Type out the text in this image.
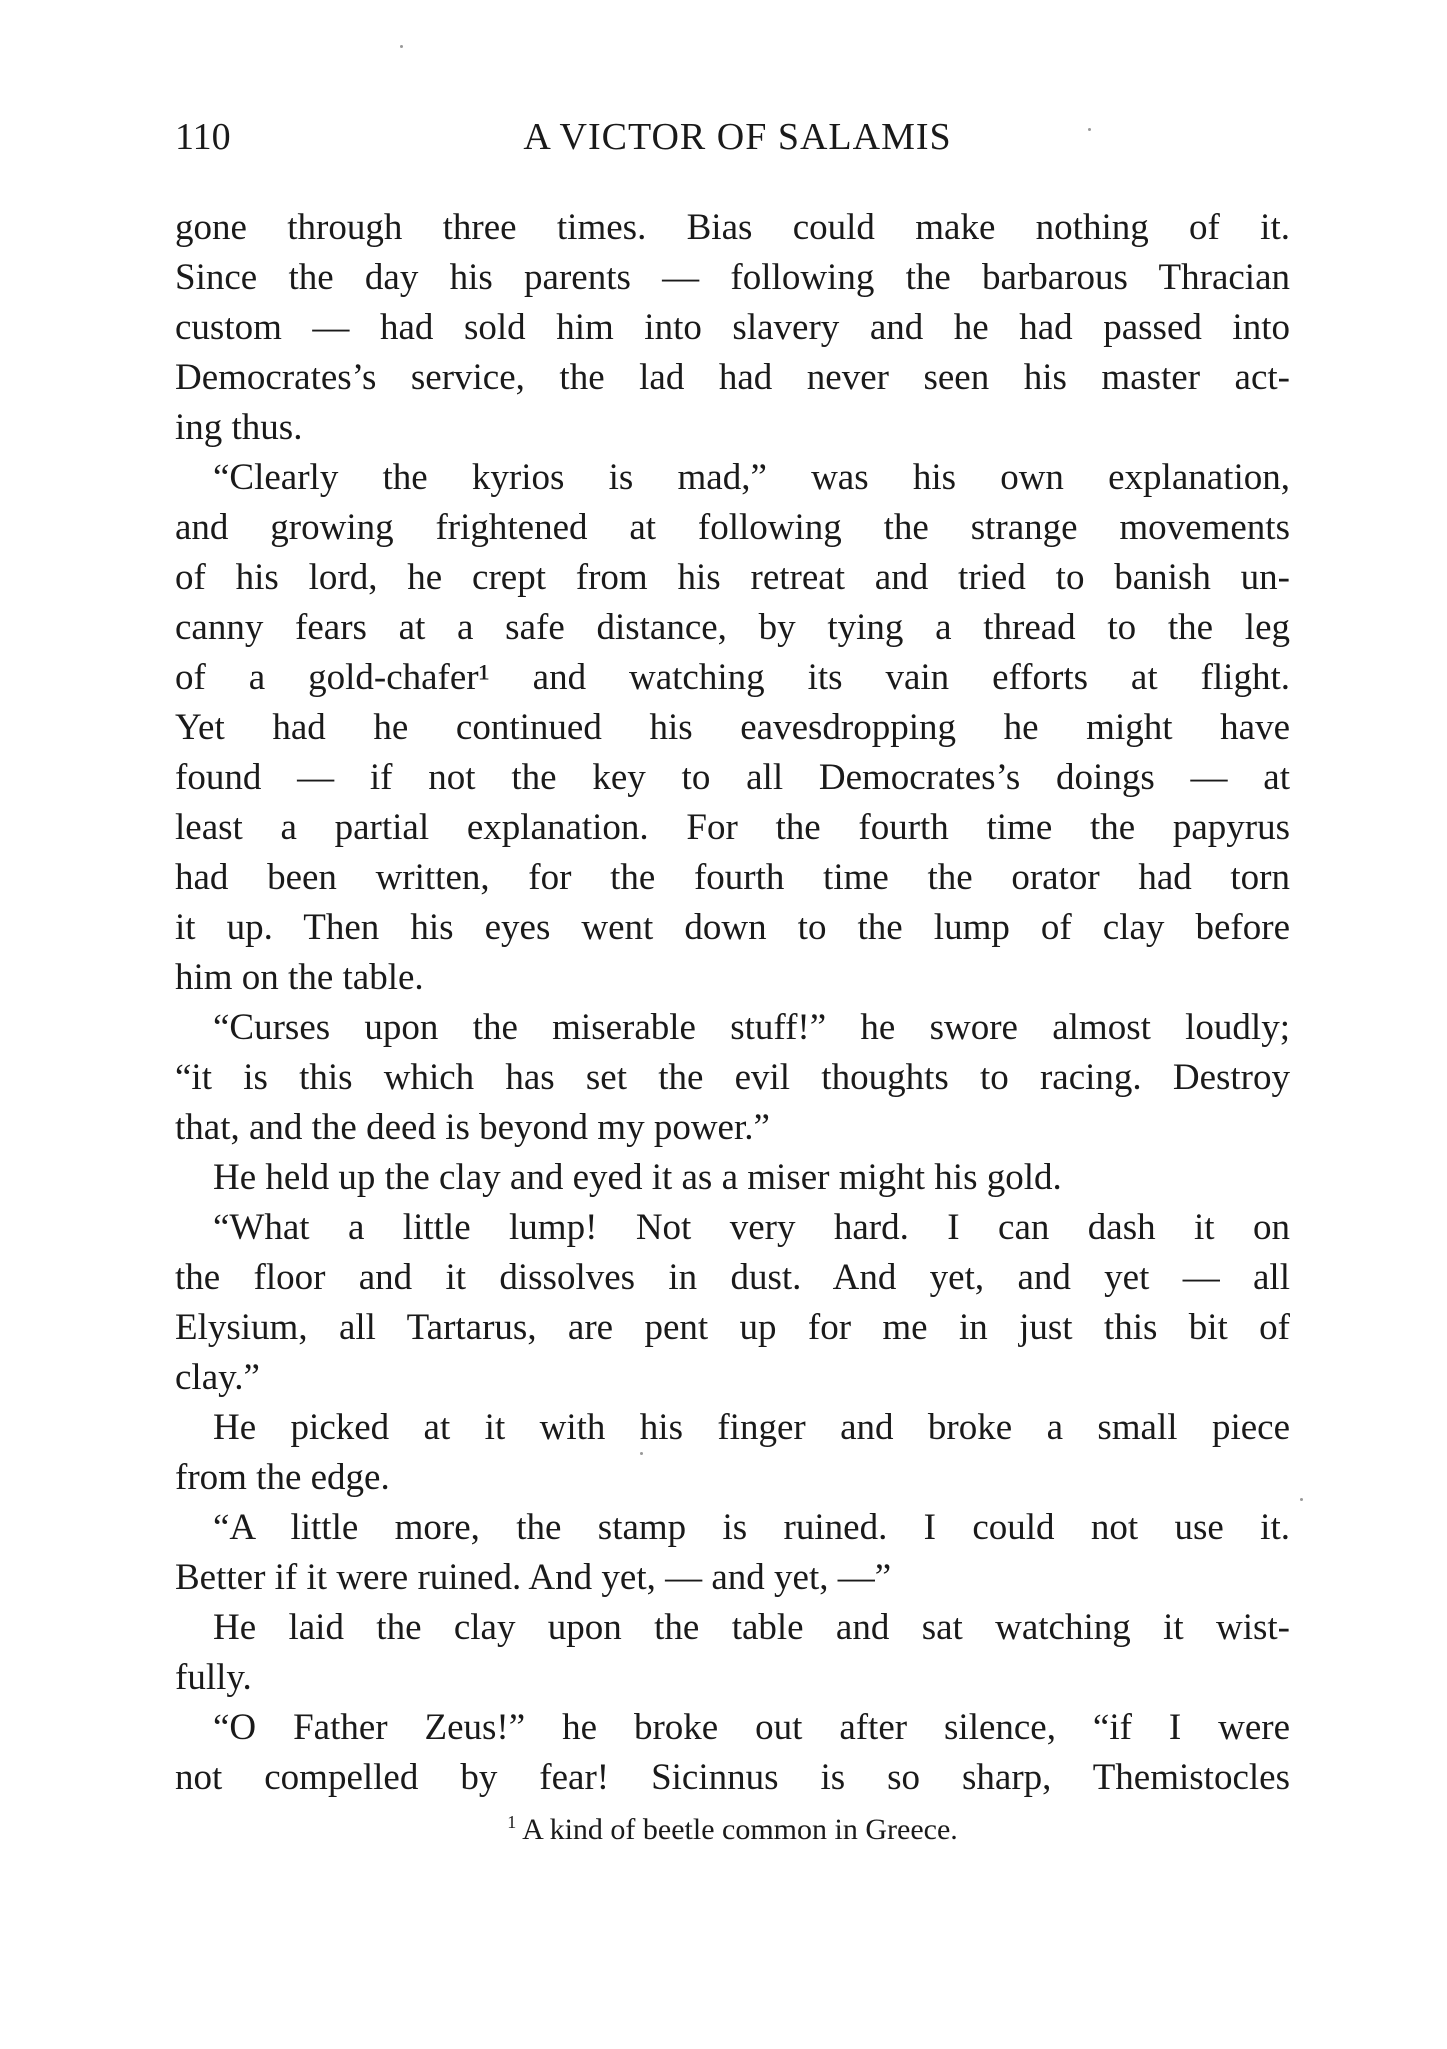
110	A VICTOR OF SALAMIS
gone through three times. Bias could make nothing of it.
Since the day his parents — following the barbarous Thracian
custom — had sold him into slavery and he had passed into
Democrates’s service, the lad had never seen his master act-
ing thus.
“Clearly the kyrios is mad,” was his own explanation,
and growing frightened at following the strange movements
of his lord, he crept from his retreat and tried to banish un-
canny fears at a safe distance, by tying a thread to the leg
of a gold-chafer¹ and watching its vain efforts at flight.
Yet had he continued his eavesdropping he might have
found — if not the key to all Democrates’s doings — at
least a partial explanation. For the fourth time the papyrus
had been written, for the fourth time the orator had torn
it up. Then his eyes went down to the lump of clay before
him on the table.
“Curses upon the miserable stuff!” he swore almost loudly;
“it is this which has set the evil thoughts to racing. Destroy
that, and the deed is beyond my power.”
He held up the clay and eyed it as a miser might his gold.
“What a little lump! Not very hard. I can dash it on
the floor and it dissolves in dust. And yet, and yet — all
Elysium, all Tartarus, are pent up for me in just this bit of
clay.”
He picked at it with his finger and broke a small piece
from the edge.
“A little more, the stamp is ruined. I could not use it.
Better if it were ruined. And yet, — and yet, —”
He laid the clay upon the table and sat watching it wist-
fully.
“O Father Zeus!” he broke out after silence, “if I were
not compelled by fear! Sicinnus is so sharp, Themistocles
$^1$ A kind of beetle common in Greece.
